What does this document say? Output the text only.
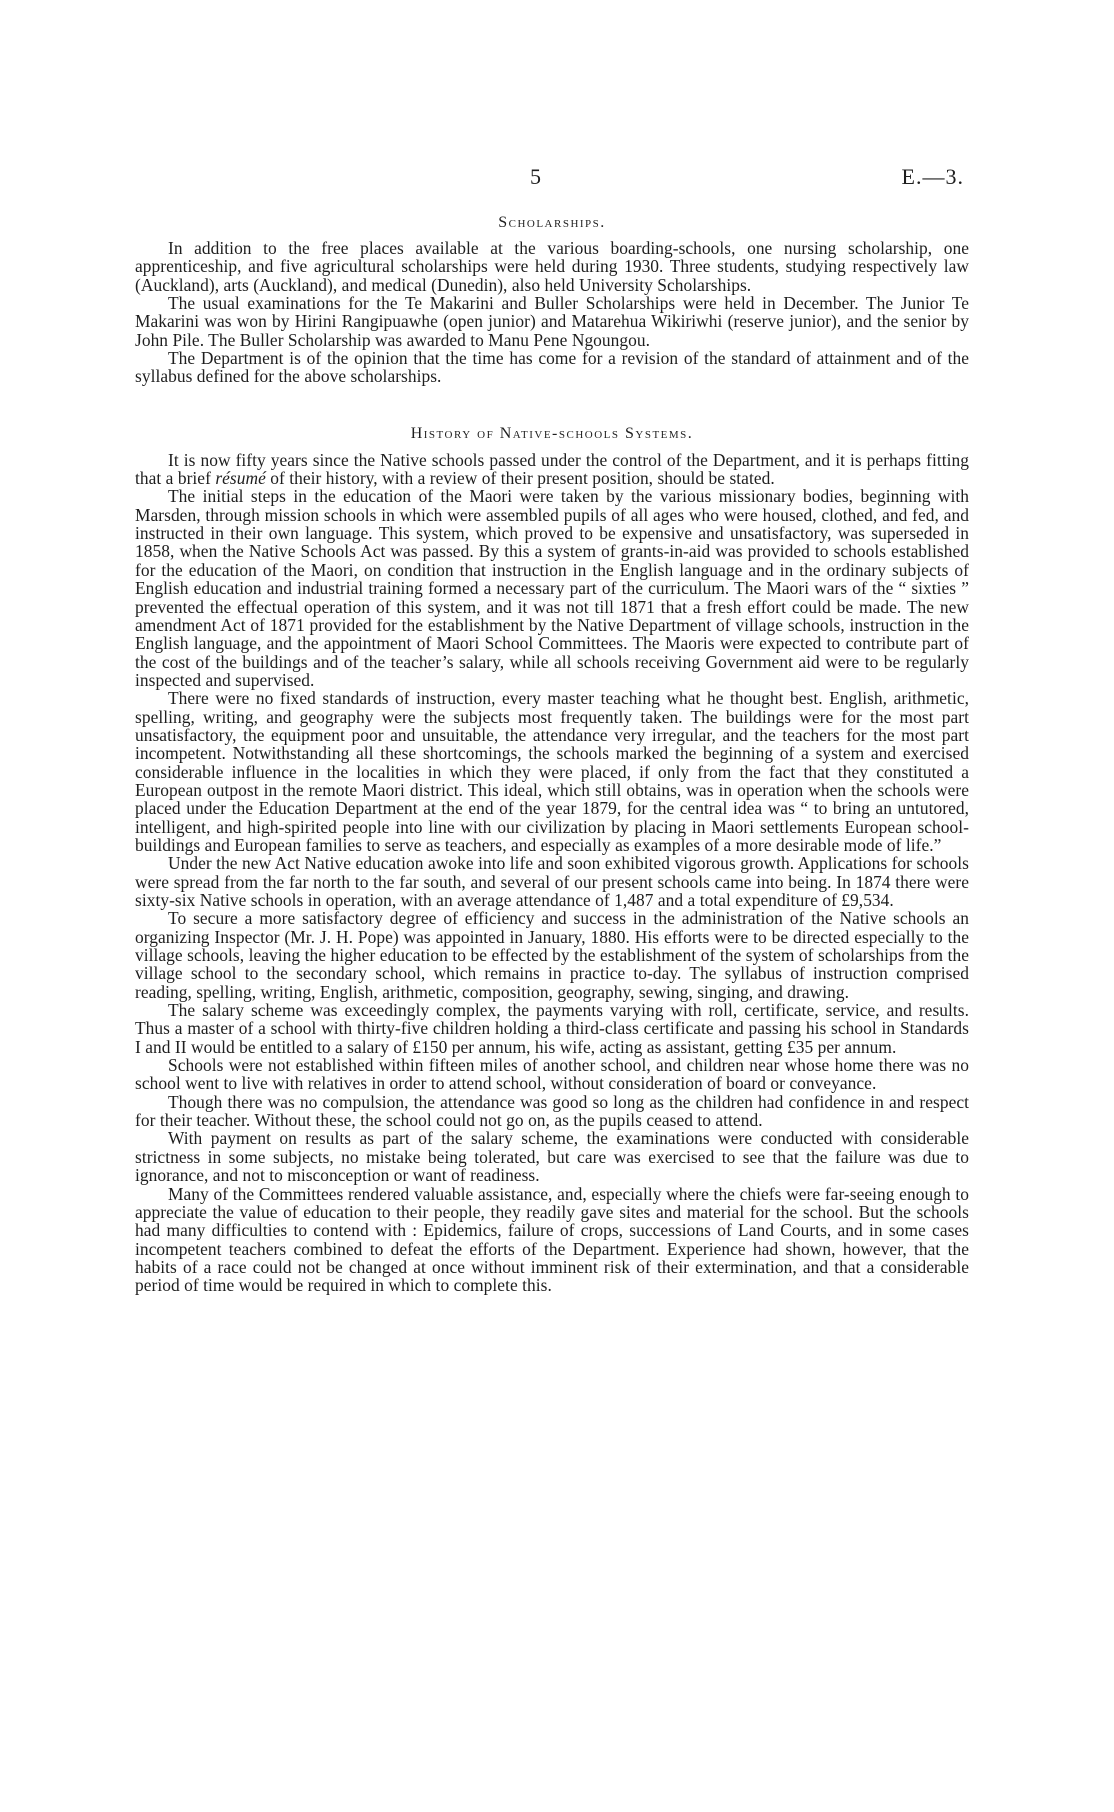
5	E.—3.
Scholarships.

In addition to the free places available at the various boarding-schools, one nursing scholarship, one apprenticeship, and five agricultural scholarships were held during 1930. Three students, studying respectively law (Auckland), arts (Auckland), and medical (Dunedin), also held University Scholarships.

The usual examinations for the Te Makarini and Buller Scholarships were held in December. The Junior Te Makarini was won by Hirini Rangipuawhe (open junior) and Matarehua Wikiriwhi (reserve junior), and the senior by John Pile. The Buller Scholarship was awarded to Manu Pene Ngoungou.

The Department is of the opinion that the time has come for a revision of the standard of attainment and of the syllabus defined for the above scholarships.

History of Native-schools Systems.

It is now fifty years since the Native schools passed under the control of the Department, and it is perhaps fitting that a brief résumé of their history, with a review of their present position, should be stated.

The initial steps in the education of the Maori were taken by the various missionary bodies, beginning with Marsden, through mission schools in which were assembled pupils of all ages who were housed, clothed, and fed, and instructed in their own language. This system, which proved to be expensive and unsatisfactory, was superseded in 1858, when the Native Schools Act was passed. By this a system of grants-in-aid was provided to schools established for the education of the Maori, on condition that instruction in the English language and in the ordinary subjects of English education and industrial training formed a necessary part of the curriculum. The Maori wars of the “ sixties ” prevented the effectual operation of this system, and it was not till 1871 that a fresh effort could be made. The new amendment Act of 1871 provided for the establishment by the Native Department of village schools, instruction in the English language, and the appointment of Maori School Committees. The Maoris were expected to contribute part of the cost of the buildings and of the teacher’s salary, while all schools receiving Government aid were to be regularly inspected and supervised.

There were no fixed standards of instruction, every master teaching what he thought best. English, arithmetic, spelling, writing, and geography were the subjects most frequently taken. The buildings were for the most part unsatisfactory, the equipment poor and unsuitable, the attendance very irregular, and the teachers for the most part incompetent. Notwithstanding all these shortcomings, the schools marked the beginning of a system and exercised considerable influence in the localities in which they were placed, if only from the fact that they constituted a European outpost in the remote Maori district. This ideal, which still obtains, was in operation when the schools were placed under the Education Department at the end of the year 1879, for the central idea was “ to bring an untutored, intelligent, and high-spirited people into line with our civilization by placing in Maori settlements European school-buildings and European families to serve as teachers, and especially as examples of a more desirable mode of life.”

Under the new Act Native education awoke into life and soon exhibited vigorous growth. Applications for schools were spread from the far north to the far south, and several of our present schools came into being. In 1874 there were sixty-six Native schools in operation, with an average attendance of 1,487 and a total expenditure of £9,534.

To secure a more satisfactory degree of efficiency and success in the administration of the Native schools an organizing Inspector (Mr. J. H. Pope) was appointed in January, 1880. His efforts were to be directed especially to the village schools, leaving the higher education to be effected by the establishment of the system of scholarships from the village school to the secondary school, which remains in practice to-day. The syllabus of instruction comprised reading, spelling, writing, English, arithmetic, composition, geography, sewing, singing, and drawing.

The salary scheme was exceedingly complex, the payments varying with roll, certificate, service, and results. Thus a master of a school with thirty-five children holding a third-class certificate and passing his school in Standards I and II would be entitled to a salary of £150 per annum, his wife, acting as assistant, getting £35 per annum.

Schools were not established within fifteen miles of another school, and children near whose home there was no school went to live with relatives in order to attend school, without consideration of board or conveyance.

Though there was no compulsion, the attendance was good so long as the children had confidence in and respect for their teacher. Without these, the school could not go on, as the pupils ceased to attend.

With payment on results as part of the salary scheme, the examinations were conducted with considerable strictness in some subjects, no mistake being tolerated, but care was exercised to see that the failure was due to ignorance, and not to misconception or want of readiness.

Many of the Committees rendered valuable assistance, and, especially where the chiefs were far-seeing enough to appreciate the value of education to their people, they readily gave sites and material for the school. But the schools had many difficulties to contend with : Epidemics, failure of crops, successions of Land Courts, and in some cases incompetent teachers combined to defeat the efforts of the Department. Experience had shown, however, that the habits of a race could not be changed at once without imminent risk of their extermination, and that a considerable period of time would be required in which to complete this.
